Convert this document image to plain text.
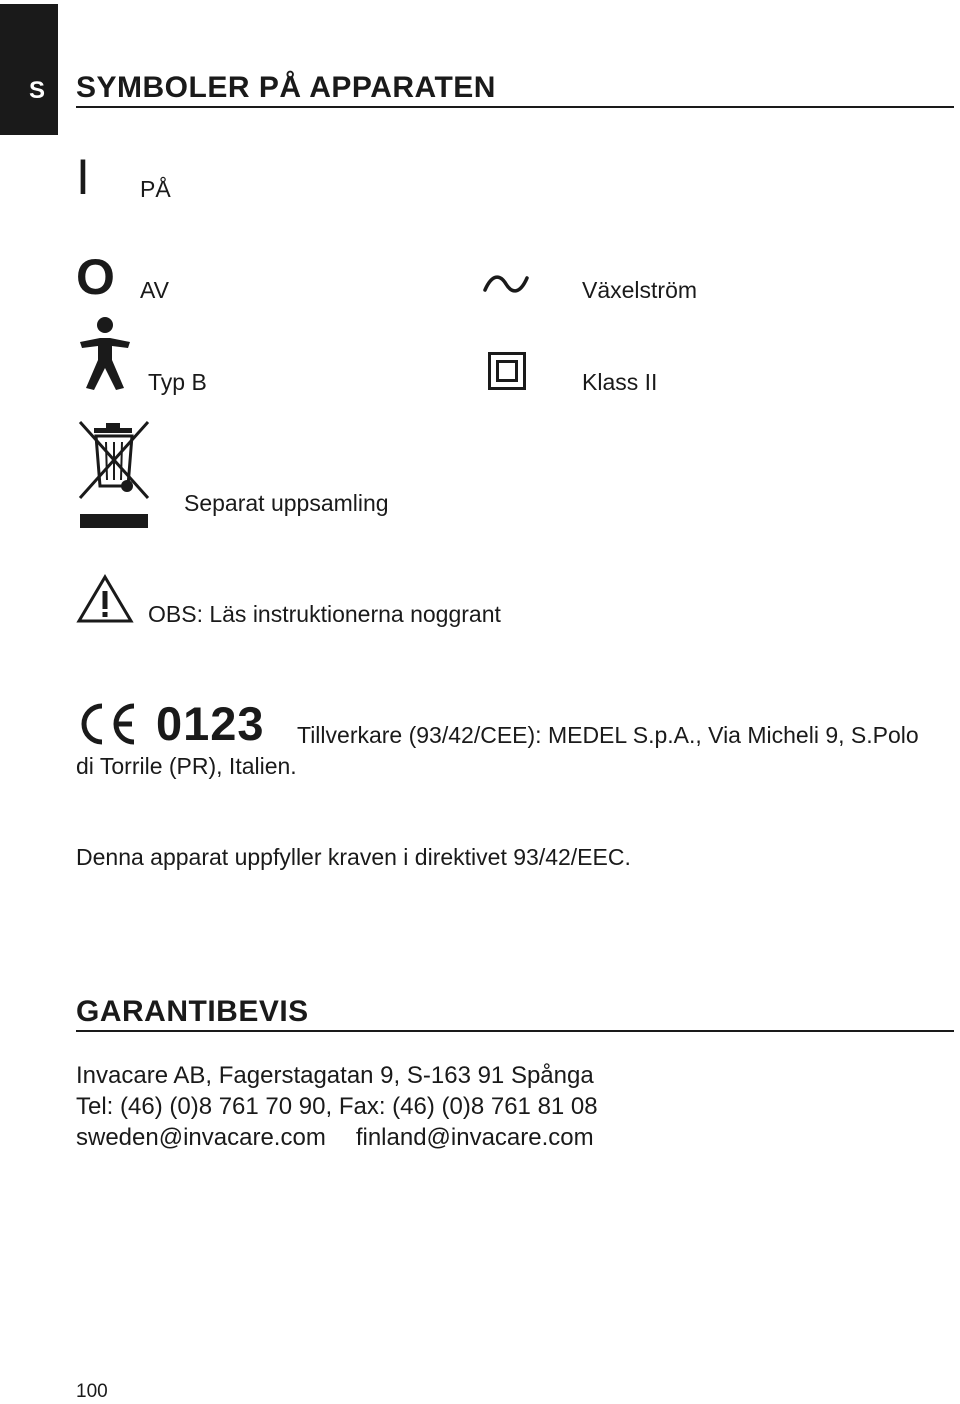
S SYMBOLER PÅ APPARATEN
I PÅ
O AV	Växelström
Typ B	Klass II
Separat uppsamling
OBS: Läs instruktionerna noggrant
0123 Tillverkare (93/42/CEE): MEDEL S.p.A., Via Micheli 9, S.Polo
di Torrile (PR), Italien.
Denna apparat uppfyller kraven i direktivet 93/42/EEC.
GARANTIBEVIS
Invacare AB, Fagerstagatan 9, S-163 91 Spånga
Tel: (46) (0)8 761 70 90, Fax: (46) (0)8 761 81 08
sweden@invacare.com finland@invacare.com
100
